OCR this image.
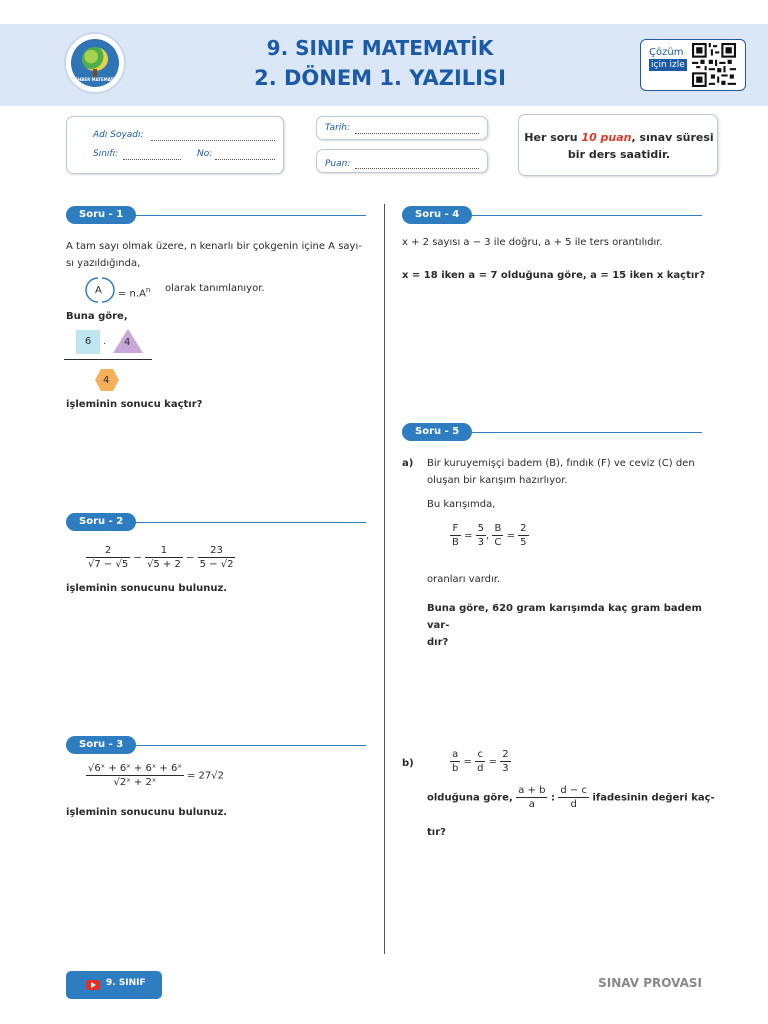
REHBER MATEMATİK
9. SINIF MATEMATİK
2. DÖNEM 1. YAZILISI
Çözüm
için izle
Adı Soyadı:
Sınıfı:	No:
Tarih:
Puan:
Her soru 10 puan, sınav süresi
bir ders saatidir.
Soru - 1
A tam sayı olmak üzere, n kenarlı bir çokgenin içine A sayı-
sı yazıldığında,
$A = n.A^n$ olarak tanımlanıyor.
Buna göre,
6	. 4
4
işleminin sonucu kaçtır?
Soru - 2
$\frac{2}{√7 - √5} - \frac{1}{√5 + 2} - \frac{23}{5 - √2}$
işleminin sonucunu bulunuz.
Soru - 3
$\frac{\text{√6ˣ + 6ˣ + 6ˣ + 6ˣ}}{\text{√2ˣ + 2ˣ}} = 27√2$
işleminin sonucunu bulunuz.
Soru - 4
x + 2 sayısı a − 3 ile doğru, a + 5 ile ters orantılıdır.
x = 18 iken a = 7 olduğuna göre, a = 15 iken x kaçtır?
Soru - 5
a) Bir kuruyemişçi badem (B), fındık (F) ve ceviz (C) den
oluşan bir karışım hazırlıyor.
Bu karışımda,
$\frac{F}{B} = \frac{5}{3}$ , $\frac{B}{C} = \frac{2}{5}$
oranları vardır.
Buna göre, 620 gram karışımda kaç gram badem var-
dır?
b)	$\frac{a}{b} = \frac{c}{d} = \frac{2}{3}$
olduğuna göre, $\frac{a + b}{a}$ : $\frac{d - c}{d}$ ifadesinin değeri kaç-
tır?
9. SINIF	SINAV PROVASI
